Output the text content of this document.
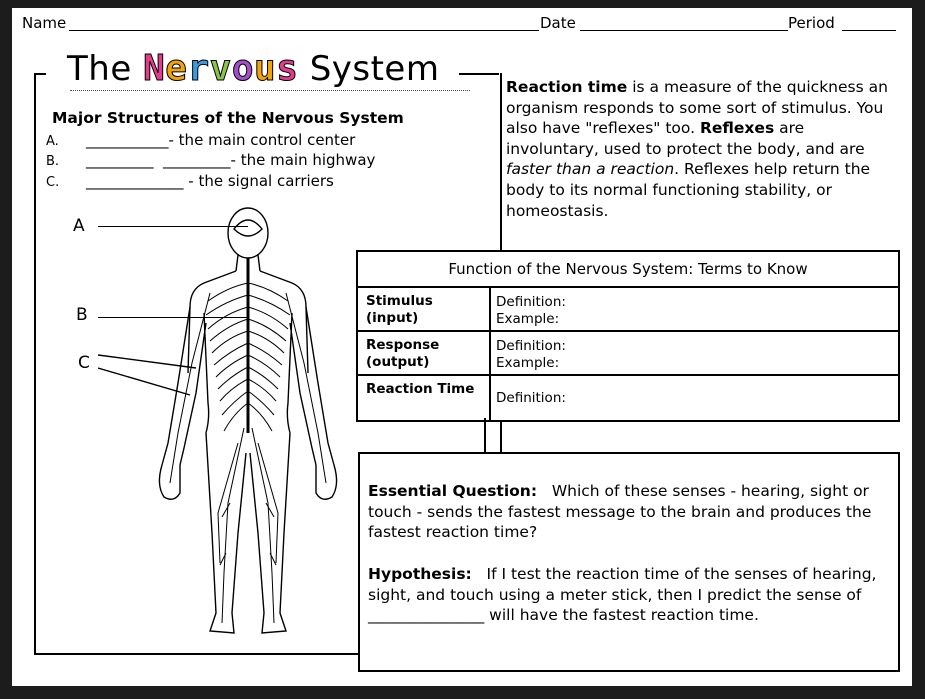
Name	Date	Period
The Nervous System
Major Structures of the Nervous System
A. ___________- the main control center
B. _________  _________- the main highway
C. _____________ - the signal carriers
A
B
C
Reaction time is a measure of the quickness an organism responds to some sort of stimulus. You also have "reflexes" too. Reflexes are involuntary, used to protect the body, and are faster than a reaction. Reflexes help return the body to its normal functioning stability, or homeostasis.
Function of the Nervous System: Terms to Know
Stimulus (input)
Definition:
Example:
Response (output)
Definition:
Example:
Reaction Time
Definition:

Essential Question:   Which of these senses - hearing, sight or touch - sends the fastest message to the brain and produces the fastest reaction time?

Hypothesis:   If I test the reaction time of the senses of hearing, sight, and touch using a meter stick, then I predict the sense of _______________ will have the fastest reaction time.
